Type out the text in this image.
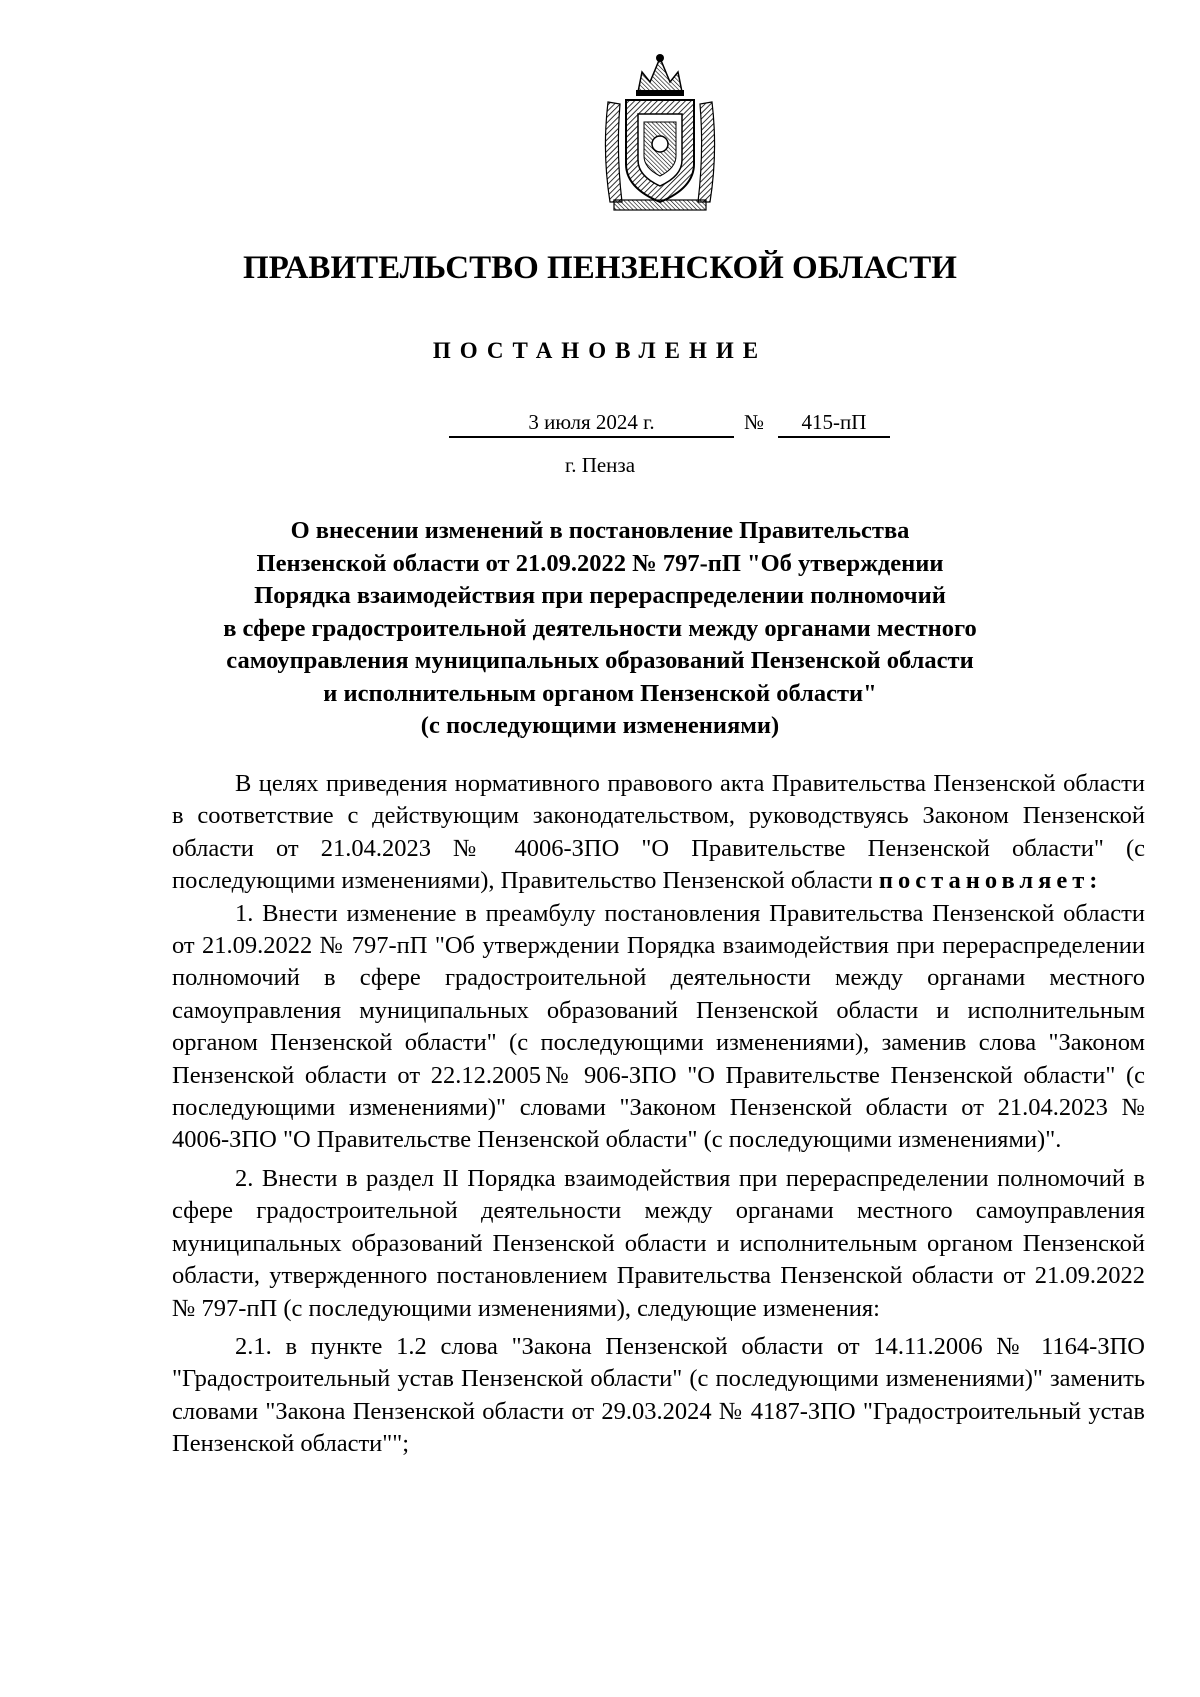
ПРАВИТЕЛЬСТВО ПЕНЗЕНСКОЙ ОБЛАСТИ
ПОСТАНОВЛЕНИЕ
3 июля 2024 г.	№	415-пП
г. Пенза
О внесении изменений в постановление Правительства
Пензенской области от 21.09.2022 № 797-пП "Об утверждении
Порядка взаимодействия при перераспределении полномочий
в сфере градостроительной деятельности между органами местного
самоуправления муниципальных образований Пензенской области
и исполнительным органом Пензенской области"
(с последующими изменениями)

В целях приведения нормативного правового акта Правительства Пензенской области в соответствие с действующим законодательством, руководствуясь Законом Пензенской области от 21.04.2023 № 4006-ЗПО "О Правительстве Пензенской области" (с последующими изменениями), Правительство Пензенской области постановляет:

1. Внести изменение в преамбулу постановления Правительства Пензенской области от 21.09.2022 № 797-пП "Об утверждении Порядка взаимодействия при перераспределении полномочий в сфере градостроительной деятельности между органами местного самоуправления муниципальных образований Пензенской области и исполнительным органом Пензенской области" (с последующими изменениями), заменив слова "Законом Пензенской области от 22.12.2005№ 906-ЗПО "О Правительстве Пензенской области" (с последующими изменениями)" словами "Законом Пензенской области от 21.04.2023 № 4006-ЗПО "О Правительстве Пензенской области" (с последующими изменениями)".

2. Внести в раздел II Порядка взаимодействия при перераспределении полномочий в сфере градостроительной деятельности между органами местного самоуправления муниципальных образований Пензенской области и исполнительным органом Пензенской области, утвержденного постановлением Правительства Пензенской области от 21.09.2022 № 797-пП (с последующими изменениями), следующие изменения:

2.1. в пункте 1.2 слова "Закона Пензенской области от 14.11.2006 № 1164-ЗПО "Градостроительный устав Пензенской области" (с последующими изменениями)" заменить словами "Закона Пензенской области от 29.03.2024 № 4187-ЗПО "Градостроительный устав Пензенской области"";
